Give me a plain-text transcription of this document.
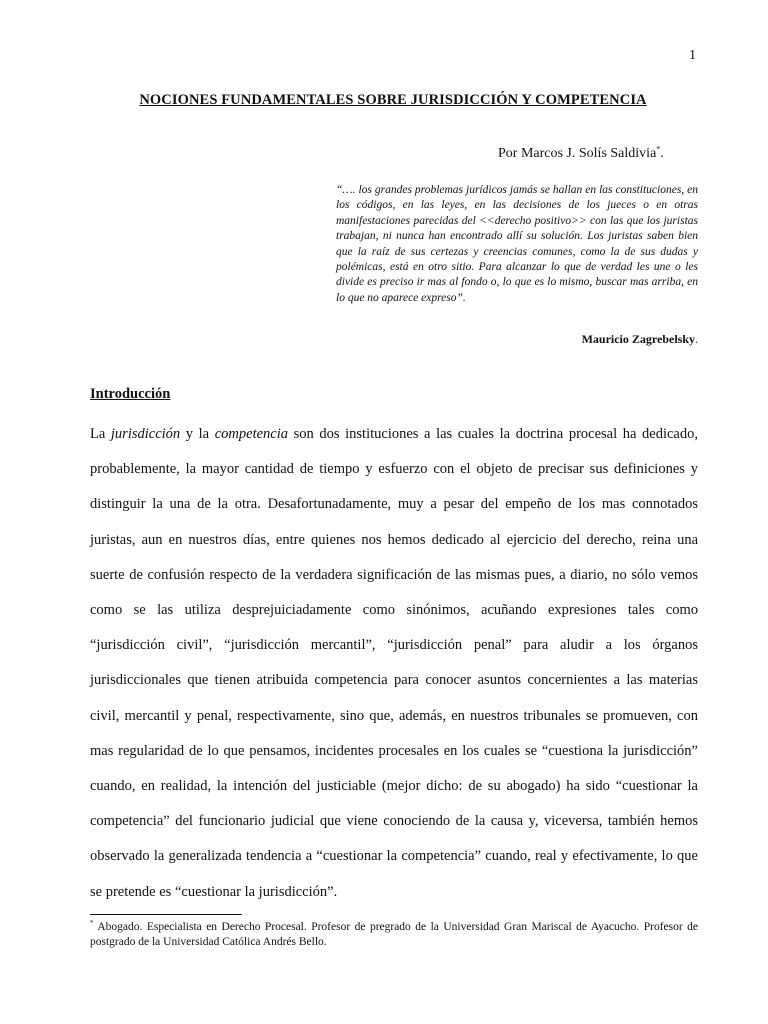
1
NOCIONES FUNDAMENTALES SOBRE JURISDICCIÓN Y COMPETENCIA
Por Marcos J. Solís Saldivia*.
“…. los grandes problemas jurídicos jamás se hallan en las constituciones, en los códigos, en las leyes, en las decisiones de los jueces o en otras manifestaciones parecidas del <<derecho positivo>> con las que los juristas trabajan, ni nunca han encontrado allí su solución. Los juristas saben bien que la raíz de sus certezas y creencias comunes, como la de sus dudas y polémicas, está en otro sitio. Para alcanzar lo que de verdad les une o les divide es preciso ir mas al fondo o, lo que es lo mismo, buscar mas arriba, en lo que no aparece expreso”.
Mauricio Zagrebelsky.
Introducción
La jurisdicción y la competencia son dos instituciones a las cuales la doctrina procesal ha dedicado, probablemente, la mayor cantidad de tiempo y esfuerzo con el objeto de precisar sus definiciones y distinguir la una de la otra. Desafortunadamente, muy a pesar del empeño de los mas connotados juristas, aun en nuestros días, entre quienes nos hemos dedicado al ejercicio del derecho, reina una suerte de confusión respecto de la verdadera significación de las mismas pues, a diario, no sólo vemos como se las utiliza desprejuiciadamente como sinónimos, acuñando expresiones tales como “jurisdicción civil”, “jurisdicción mercantil”, “jurisdicción penal” para aludir a los órganos jurisdiccionales que tienen atribuida competencia para conocer asuntos concernientes a las materias civil, mercantil y penal, respectivamente, sino que, además, en nuestros tribunales se promueven, con mas regularidad de lo que pensamos, incidentes procesales en los cuales se “cuestiona la jurisdicción” cuando, en realidad, la intención del justiciable (mejor dicho: de su abogado) ha sido “cuestionar la competencia” del funcionario judicial que viene conociendo de la causa y, viceversa, también hemos observado la generalizada tendencia a “cuestionar la competencia” cuando, real y efectivamente, lo que se pretende es “cuestionar la jurisdicción”.
* Abogado. Especialista en Derecho Procesal. Profesor de pregrado de la Universidad Gran Mariscal de Ayacucho. Profesor de postgrado de la Universidad Católica Andrés Bello.
